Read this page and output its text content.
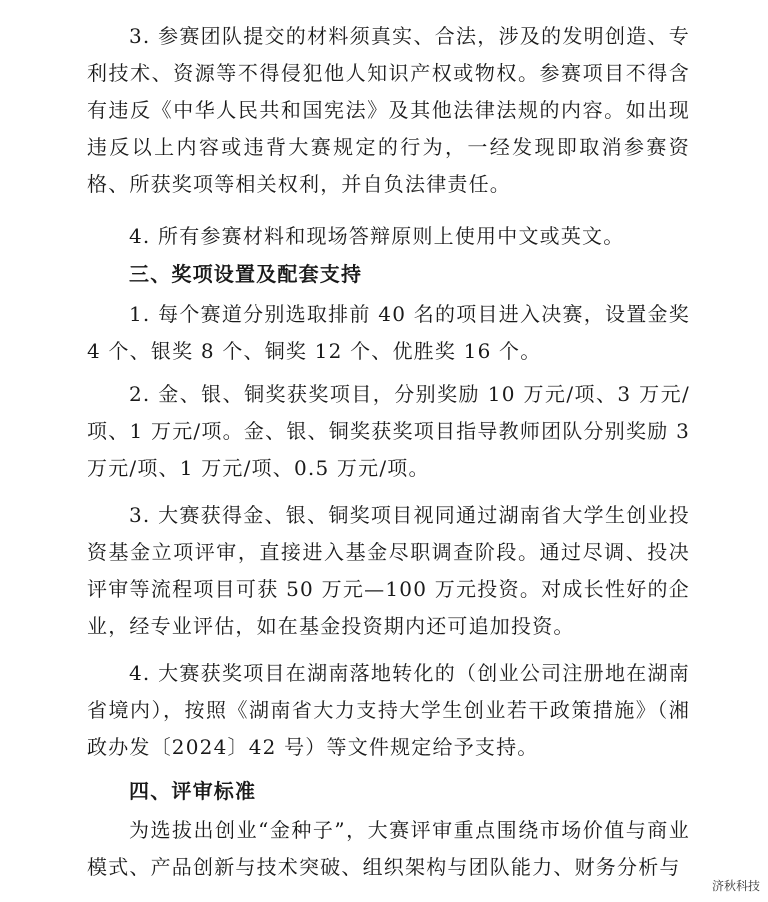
3. 参赛团队提交的材料须真实、合法，涉及的发明创造、专利技术、资源等不得侵犯他人知识产权或物权。参赛项目不得含有违反《中华人民共和国宪法》及其他法律法规的内容。如出现违反以上内容或违背大赛规定的行为，一经发现即取消参赛资格、所获奖项等相关权利，并自负法律责任。

4. 所有参赛材料和现场答辩原则上使用中文或英文。

三、奖项设置及配套支持

1. 每个赛道分别选取排前 40 名的项目进入决赛，设置金奖 4 个、银奖 8 个、铜奖 12 个、优胜奖 16 个。

2. 金、银、铜奖获奖项目，分别奖励 10 万元/项、3 万元/项、1 万元/项。金、银、铜奖获奖项目指导教师团队分别奖励 3 万元/项、1 万元/项、0.5 万元/项。

3. 大赛获得金、银、铜奖项目视同通过湖南省大学生创业投资基金立项评审，直接进入基金尽职调查阶段。通过尽调、投决评审等流程项目可获 50 万元—100 万元投资。对成长性好的企业，经专业评估，如在基金投资期内还可追加投资。

4. 大赛获奖项目在湖南落地转化的（创业公司注册地在湖南省境内），按照《湖南省大力支持大学生创业若干政策措施》（湘政办发〔2024〕42 号）等文件规定给予支持。

四、评审标准

为选拔出创业“金种子”，大赛评审重点围绕市场价值与商业模式、产品创新与技术突破、组织架构与团队能力、财务分析与

济秋科技
